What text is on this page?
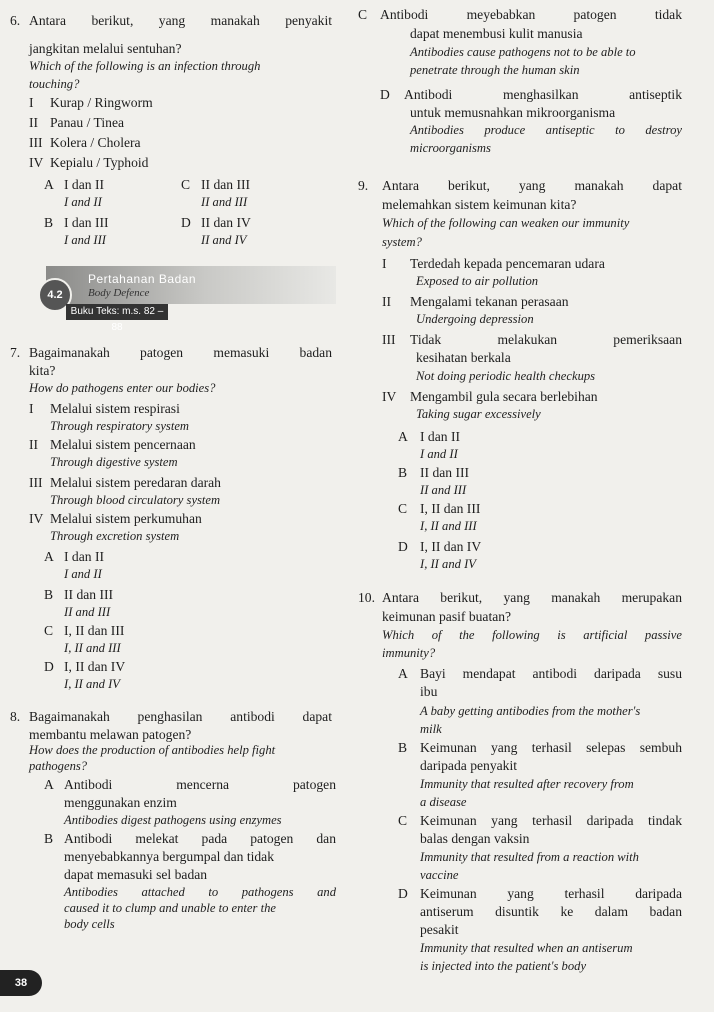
6. Antara berikut, yang manakah penyakit
jangkitan melalui sentuhan?
Which of the following is an infection through
touching?
I Kurap / Ringworm
II Panau / Tinea
III Kolera / Cholera
IV Kepialu / Typhoid
A I dan II
I and II
B I dan III
I and III
C II dan III
II and III
D II dan IV
II and IV
Pertahanan Badan
Body Defence
4.2
Buku Teks: m.s. 82 – 88
7. Bagaimanakah patogen memasuki badan
kita?
How do pathogens enter our bodies?
I Melalui sistem respirasi
Through respiratory system
II Melalui sistem pencernaan
Through digestive system
III Melalui sistem peredaran darah
Through blood circulatory system
IV Melalui sistem perkumuhan
Through excretion system
A I dan II
I and II
B II dan III
II and III
C I, II dan III
I, II and III
D I, II dan IV
I, II and IV
8. Bagaimanakah penghasilan antibodi dapat
membantu melawan patogen?
How does the production of antibodies help fight
pathogens?
A Antibodi mencerna patogen
menggunakan enzim
Antibodies digest pathogens using enzymes
B Antibodi melekat pada patogen dan
menyebabkannya bergumpal dan tidak
dapat memasuki sel badan
Antibodies attached to pathogens and
caused it to clump and unable to enter the
body cells
C Antibodi meyebabkan patogen tidak
dapat menembusi kulit manusia
Antibodies cause pathogens not to be able to
penetrate through the human skin
D Antibodi menghasilkan antiseptik
untuk memusnahkan mikroorganisma
Antibodies produce antiseptic to destroy
microorganisms
9. Antara berikut, yang manakah dapat
melemahkan sistem keimunan kita?
Which of the following can weaken our immunity
system?
I Terdedah kepada pencemaran udara
Exposed to air pollution
II Mengalami tekanan perasaan
Undergoing depression
III Tidak melakukan pemeriksaan
kesihatan berkala
Not doing periodic health checkups
IV Mengambil gula secara berlebihan
Taking sugar excessively
A I dan II
I and II
B II dan III
II and III
C I, II dan III
I, II and III
D I, II dan IV
I, II and IV
10. Antara berikut, yang manakah merupakan
keimunan pasif buatan?
Which of the following is artificial passive
immunity?
A Bayi mendapat antibodi daripada susu
ibu
A baby getting antibodies from the mother's
milk
B Keimunan yang terhasil selepas sembuh
daripada penyakit
Immunity that resulted after recovery from
a disease
C Keimunan yang terhasil daripada tindak
balas dengan vaksin
Immunity that resulted from a reaction with
vaccine
D Keimunan yang terhasil daripada
antiserum disuntik ke dalam badan
pesakit
Immunity that resulted when an antiserum
is injected into the patient's body
38
